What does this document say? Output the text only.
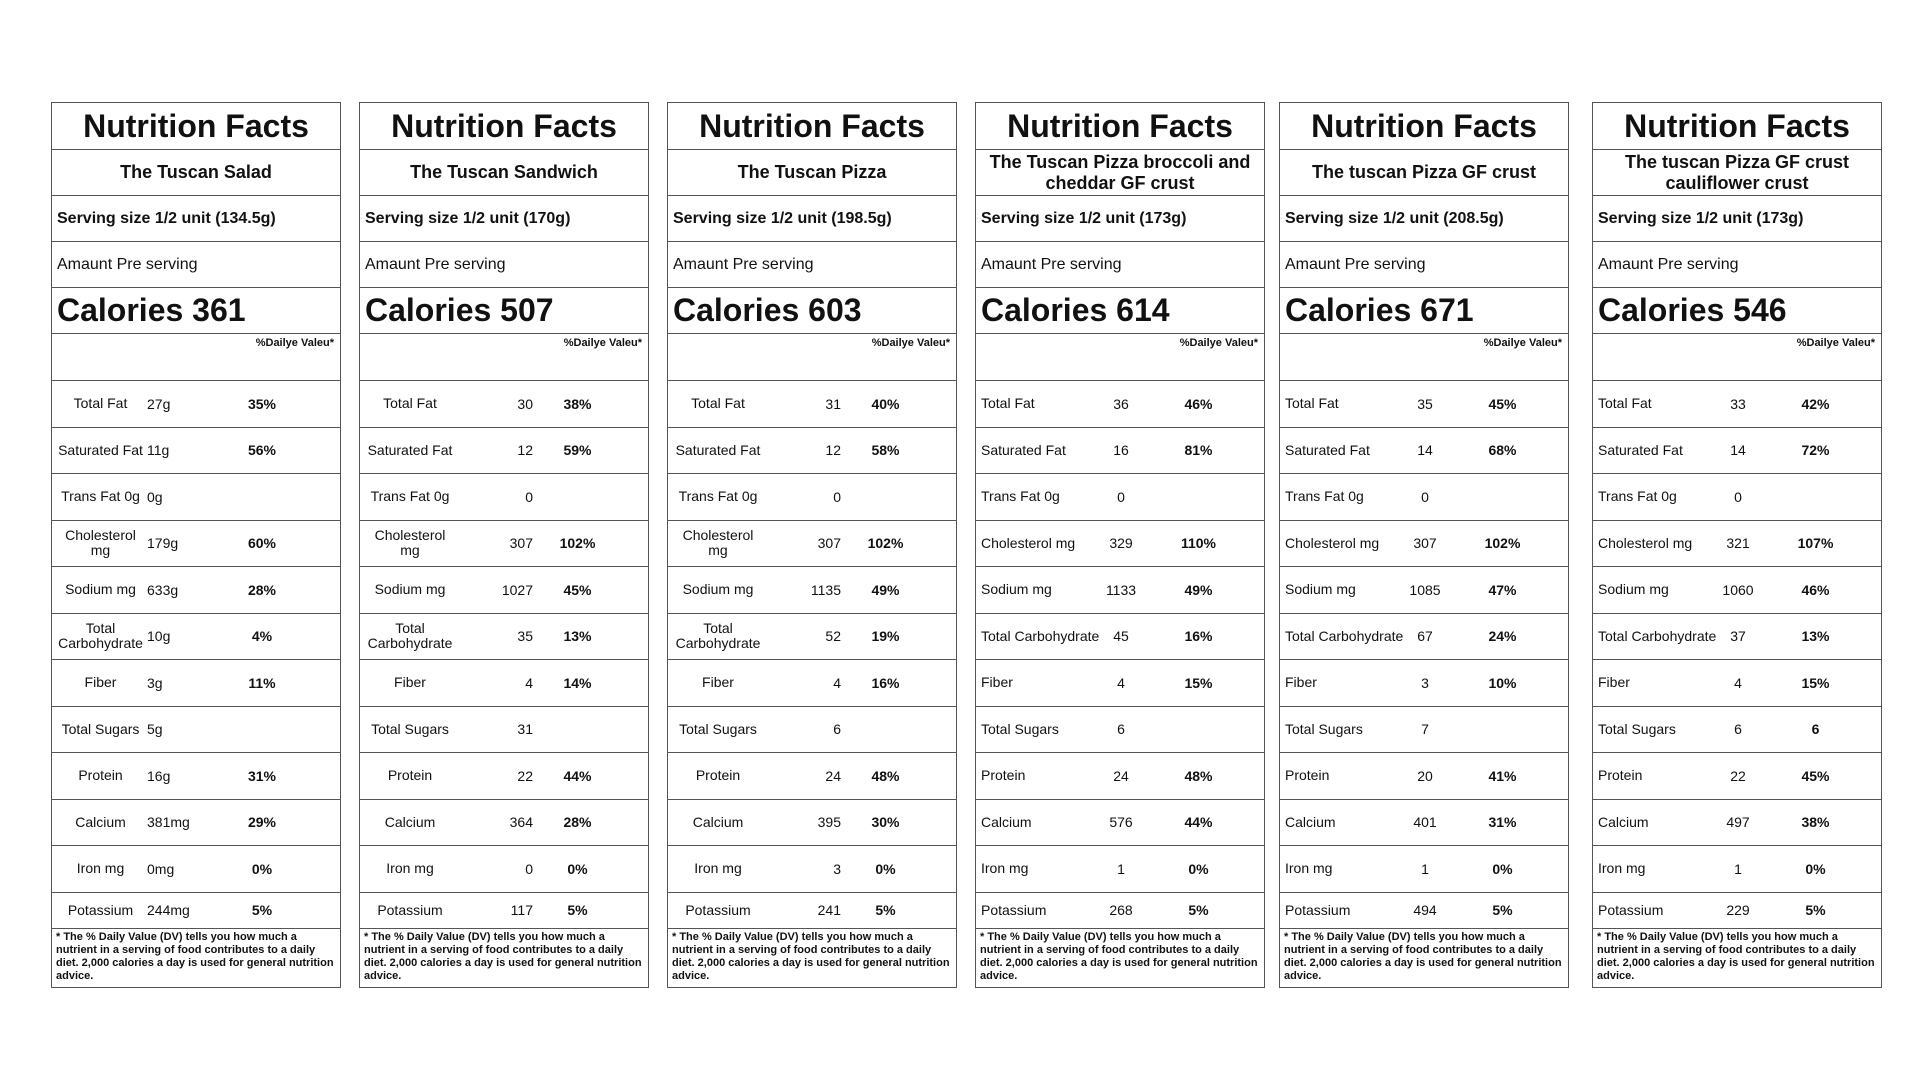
Nutrition Facts
The Tuscan Salad
Serving size 1/2 unit (134.5g)
Amaunt Pre serving
Calories 361
%Dailye Valeu*
Total Fat	27g	35%
Saturated Fat 11g	56%
Trans Fat 0g 0g
Cholesterol mg	179g	60%
Sodium mg 633g	28%
Total Carbohydrate 10g	4%
Fiber	3g	11%
Total Sugars 5g
Protein	16g	31%
Calcium	381mg	29%
Iron mg	0mg	0%
Potassium 244mg	5%
* The % Daily Value (DV) tells you how much a nutrient in a serving of food contributes to a daily diet. 2,000 calories a day is used for general nutrition advice.
Nutrition Facts
The Tuscan Sandwich
Serving size 1/2 unit (170g)
Amaunt Pre serving
Calories 507
%Dailye Valeu*
Total Fat	30	38%
Saturated Fat	12	59%
Trans Fat 0g	0
Cholesterol mg	307	102%
Sodium mg	1027	45%
Total Carbohydrate	35	13%
Fiber	4	14%
Total Sugars	31
Protein	22	44%
Calcium	364	28%
Iron mg	0	0%
Potassium	117	5%
* The % Daily Value (DV) tells you how much a nutrient in a serving of food contributes to a daily diet. 2,000 calories a day is used for general nutrition advice.
Nutrition Facts
The Tuscan Pizza
Serving size 1/2 unit (198.5g)
Amaunt Pre serving
Calories 603
%Dailye Valeu*
Total Fat	31	40%
Saturated Fat	12	58%
Trans Fat 0g	0
Cholesterol mg	307	102%
Sodium mg	1135	49%
Total Carbohydrate	52	19%
Fiber	4	16%
Total Sugars	6
Protein	24	48%
Calcium	395	30%
Iron mg	3	0%
Potassium	241	5%
* The % Daily Value (DV) tells you how much a nutrient in a serving of food contributes to a daily diet. 2,000 calories a day is used for general nutrition advice.
Nutrition Facts
The Tuscan Pizza broccoli and cheddar GF crust
Serving size 1/2 unit (173g)
Amaunt Pre serving
Calories 614
%Dailye Valeu*
Total Fat	36	46%
Saturated Fat	16	81%
Trans Fat 0g	0
Cholesterol mg	329	110%
Sodium mg	1133	49%
Total Carbohydrate 45	16%
Fiber	4	15%
Total Sugars	6
Protein	24	48%
Calcium	576	44%
Iron mg	1	0%
Potassium	268	5%
* The % Daily Value (DV) tells you how much a nutrient in a serving of food contributes to a daily diet. 2,000 calories a day is used for general nutrition advice.
Nutrition Facts
The tuscan Pizza GF crust
Serving size 1/2 unit (208.5g)
Amaunt Pre serving
Calories 671
%Dailye Valeu*
Total Fat	35	45%
Saturated Fat	14	68%
Trans Fat 0g	0
Cholesterol mg	307	102%
Sodium mg	1085	47%
Total Carbohydrate 67	24%
Fiber	3	10%
Total Sugars	7
Protein	20	41%
Calcium	401	31%
Iron mg	1	0%
Potassium	494	5%
* The % Daily Value (DV) tells you how much a nutrient in a serving of food contributes to a daily diet. 2,000 calories a day is used for general nutrition advice.
Nutrition Facts
The tuscan Pizza GF crust cauliflower crust
Serving size 1/2 unit (173g)
Amaunt Pre serving
Calories 546
%Dailye Valeu*
Total Fat	33	42%
Saturated Fat	14	72%
Trans Fat 0g	0
Cholesterol mg	321	107%
Sodium mg	1060	46%
Total Carbohydrate 37	13%
Fiber	4	15%
Total Sugars	6	6
Protein	22	45%
Calcium	497	38%
Iron mg	1	0%
Potassium	229	5%
* The % Daily Value (DV) tells you how much a nutrient in a serving of food contributes to a daily diet. 2,000 calories a day is used for general nutrition advice.
